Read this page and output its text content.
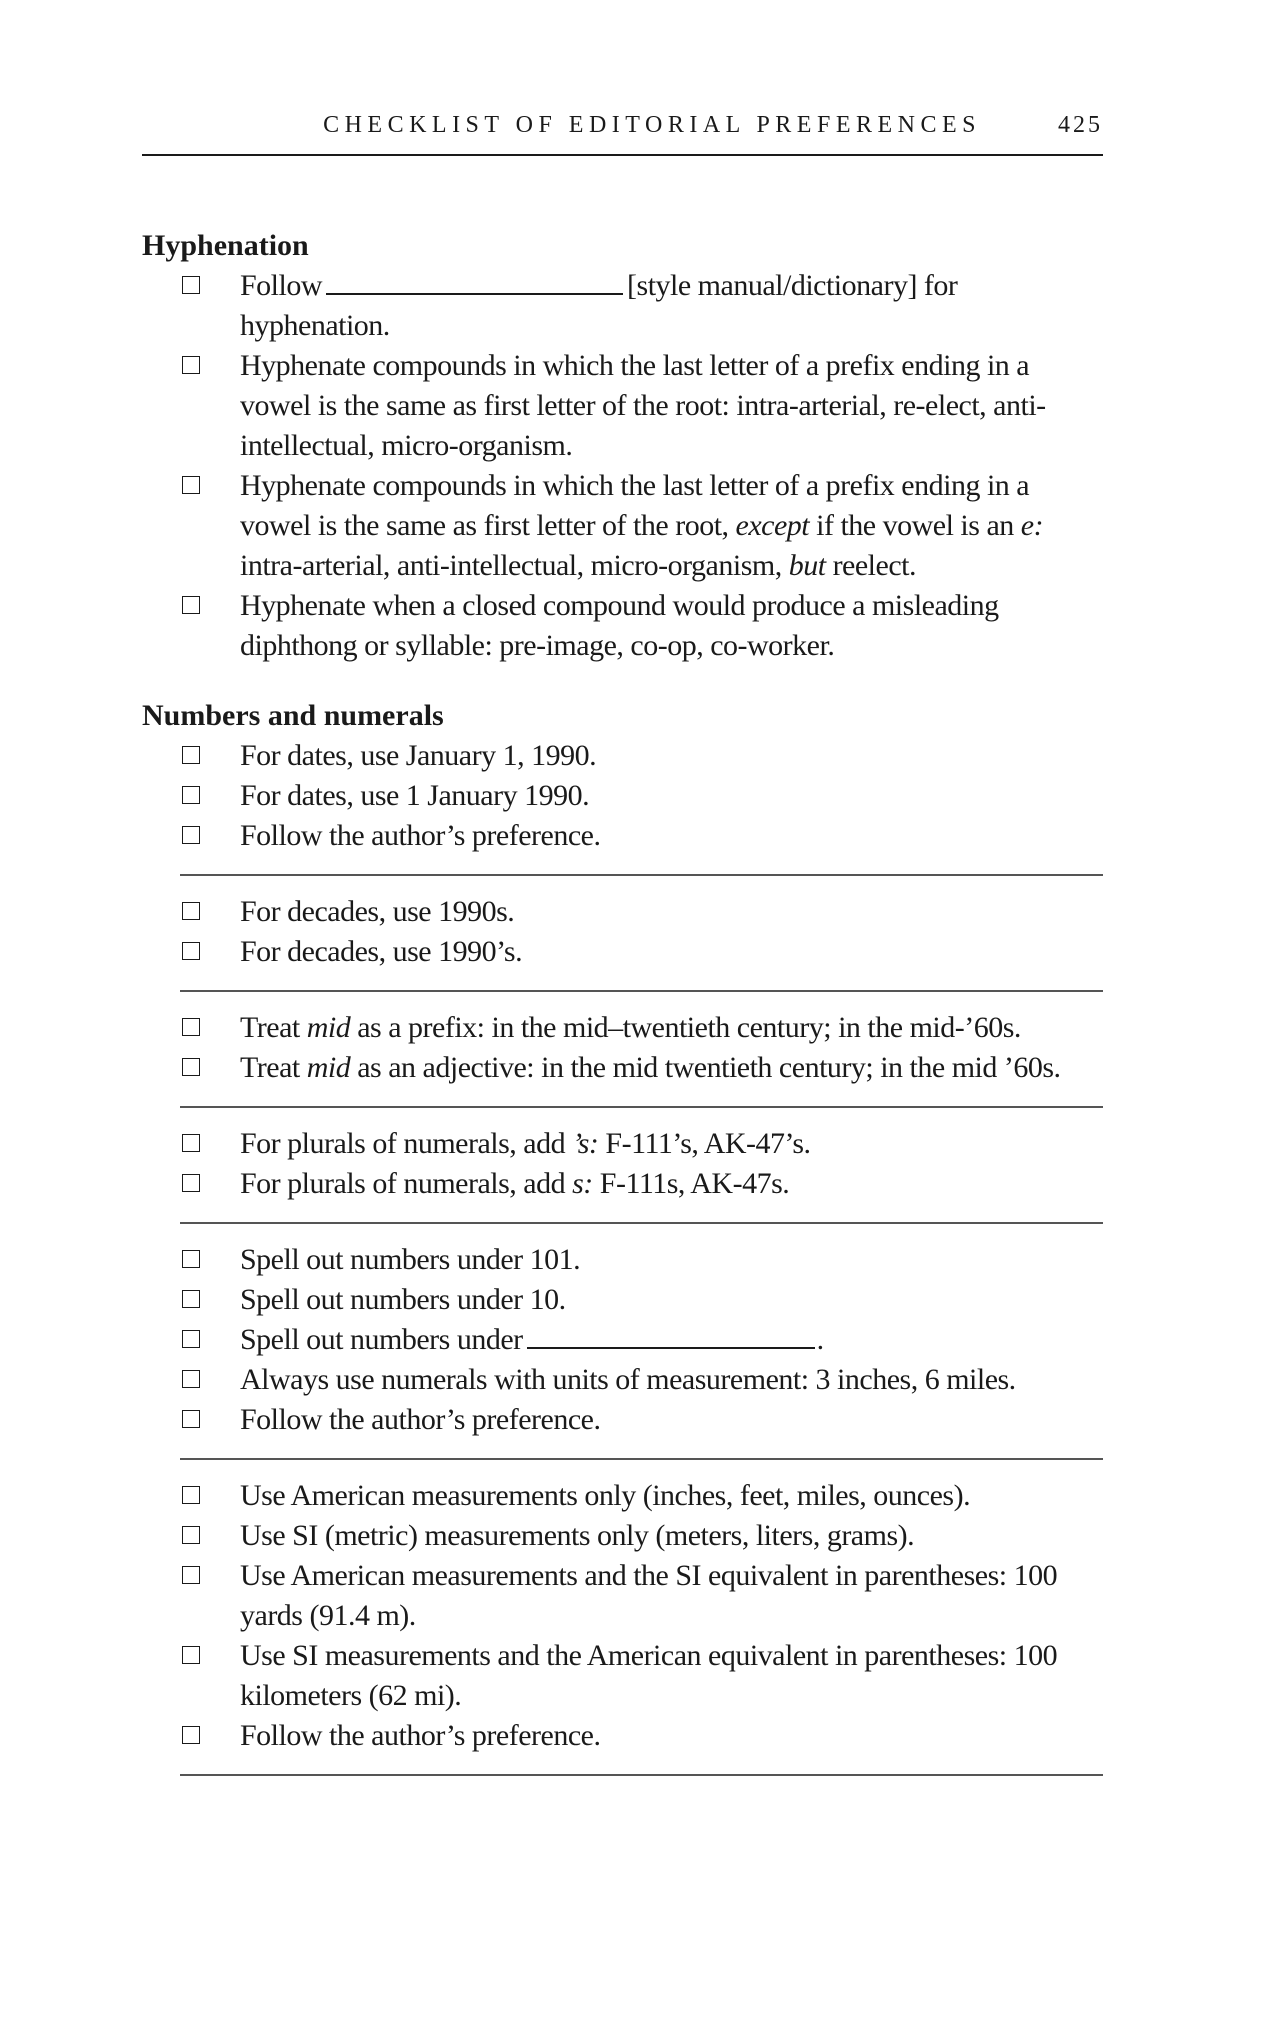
CHECKLIST OF EDITORIAL PREFERENCES	425
Hyphenation
Follow	[style manual/dictionary] for hyphenation.
Hyphenate compounds in which the last letter of a prefix ending in a vowel is the same as first letter of the root: intra-arterial, re-elect, anti-intellectual, micro-organism.
Hyphenate compounds in which the last letter of a prefix ending in a vowel is the same as first letter of the root, except if the vowel is an e: intra-arterial, anti-intellectual, micro-organism, but reelect.
Hyphenate when a closed compound would produce a misleading diphthong or syllable: pre-image, co-op, co-worker.
Numbers and numerals
For dates, use January 1, 1990.
For dates, use 1 January 1990.
Follow the author’s preference.
For decades, use 1990s.
For decades, use 1990’s.
Treat mid as a prefix: in the mid–twentieth century; in the mid-’60s.
Treat mid as an adjective: in the mid twentieth century; in the mid ’60s.
For plurals of numerals, add ’s: F-111’s, AK-47’s.
For plurals of numerals, add s: F-111s, AK-47s.
Spell out numbers under 101.
Spell out numbers under 10.
Spell out numbers under	.
Always use numerals with units of measurement: 3 inches, 6 miles.
Follow the author’s preference.
Use American measurements only (inches, feet, miles, ounces).
Use SI (metric) measurements only (meters, liters, grams).
Use American measurements and the SI equivalent in parentheses: 100 yards (91.4 m).
Use SI measurements and the American equivalent in parentheses: 100 kilometers (62 mi).
Follow the author’s preference.
